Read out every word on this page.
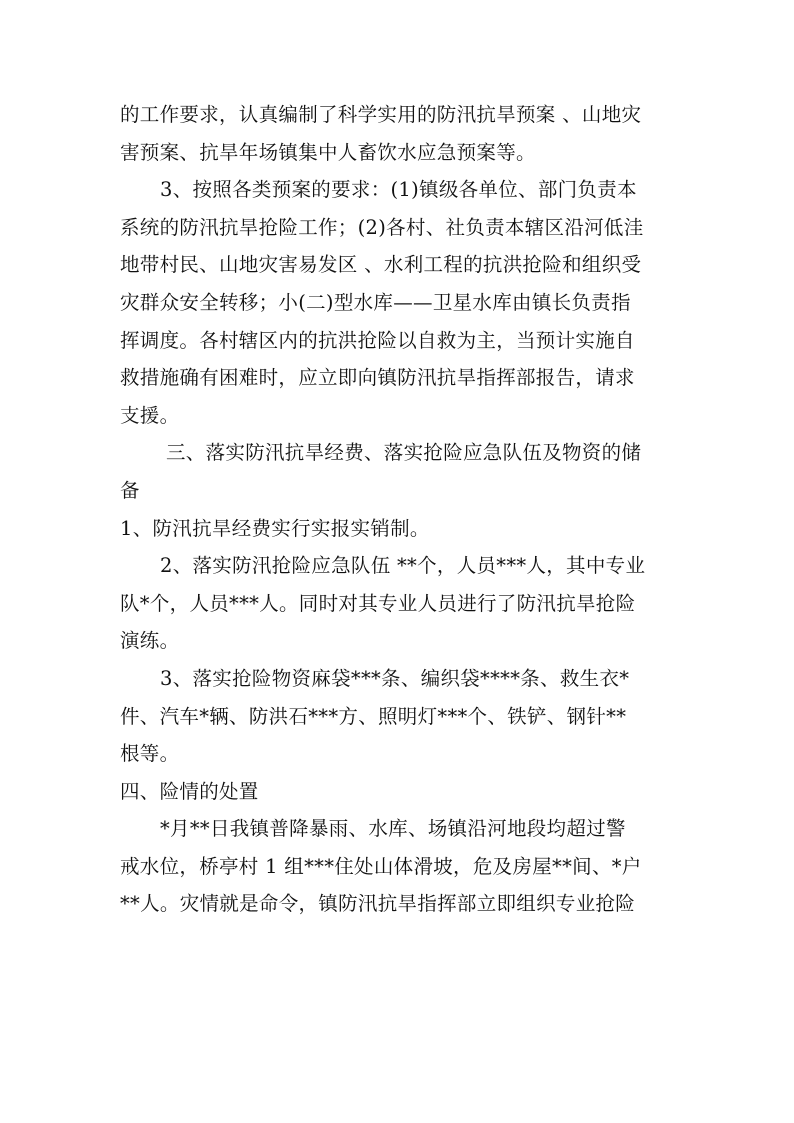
的工作要求，认真编制了科学实用的防汛抗旱预案 、山地灾
害预案、抗旱年场镇集中人畜饮水应急预案等。
3、按照各类预案的要求：(1)镇级各单位、部门负责本
系统的防汛抗旱抢险工作；(2)各村、社负责本辖区沿河低洼
地带村民、山地灾害易发区 、水利工程的抗洪抢险和组织受
灾群众安全转移；小(二)型水库——卫星水库由镇长负责指
挥调度。各村辖区内的抗洪抢险以自救为主，当预计实施自
救措施确有困难时，应立即向镇防汛抗旱指挥部报告，请求
支援。
三、落实防汛抗旱经费、落实抢险应急队伍及物资的储
备
1、防汛抗旱经费实行实报实销制。
2、落实防汛抢险应急队伍 **个，人员***人，其中专业
队*个，人员***人。同时对其专业人员进行了防汛抗旱抢险
演练。
3、落实抢险物资麻袋***条、编织袋****条、救生衣*
件、汽车*辆、防洪石***方、照明灯***个、铁铲、钢针**
根等。
四、险情的处置
*月**日我镇普降暴雨、水库、场镇沿河地段均超过警
戒水位，桥亭村 1 组***住处山体滑坡，危及房屋**间、*户
**人。灾情就是命令，镇防汛抗旱指挥部立即组织专业抢险
